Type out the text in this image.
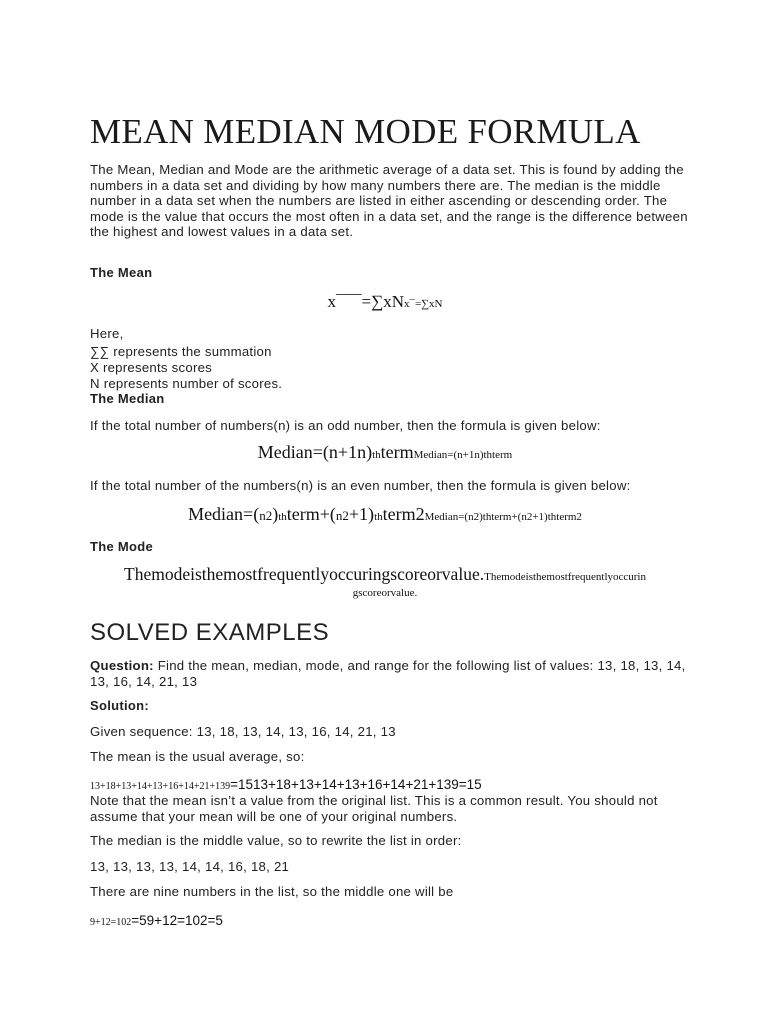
MEAN MEDIAN MODE FORMULA

The Mean, Median and Mode are the arithmetic average of a data set. This is found by adding the numbers in a data set and dividing by how many numbers there are. The median is the middle number in a data set when the numbers are listed in either ascending or descending order. The mode is the value that occurs the most often in a data set, and the range is the difference between the highest and lowest values in a data set.

The Mean
x¯¯¯=∑xNx¯=∑xN
Here,
∑∑ represents the summation
X represents scores
N represents number of scores.
The Median
If the total number of numbers(n) is an odd number, then the formula is given below:
Median=(n+1n)thtermMedian=(n+1n)thterm
If the total number of the numbers(n) is an even number, then the formula is given below:
Median=(n2)thterm+(n2+1)thterm2Median=(n2)thterm+(n2+1)thterm2
The Mode
Themodeisthemostfrequentlyoccuringscoreorvalue.Themodeisthemostfrequentlyoccurin
gscoreorvalue.
SOLVED EXAMPLES

Question: Find the mean, median, mode, and range for the following list of values: 13, 18, 13, 14, 13, 16, 14, 21, 13

Solution:
Given sequence: 13, 18, 13, 14, 13, 16, 14, 21, 13
The mean is the usual average, so:
13+18+13+14+13+16+14+21+139=1513+18+13+14+13+16+14+21+139=15

Note that the mean isn’t a value from the original list. This is a common result. You should not assume that your mean will be one of your original numbers.

The median is the middle value, so to rewrite the list in order:
13, 13, 13, 13, 14, 14, 16, 18, 21
There are nine numbers in the list, so the middle one will be
9+12=102=59+12=102=5
